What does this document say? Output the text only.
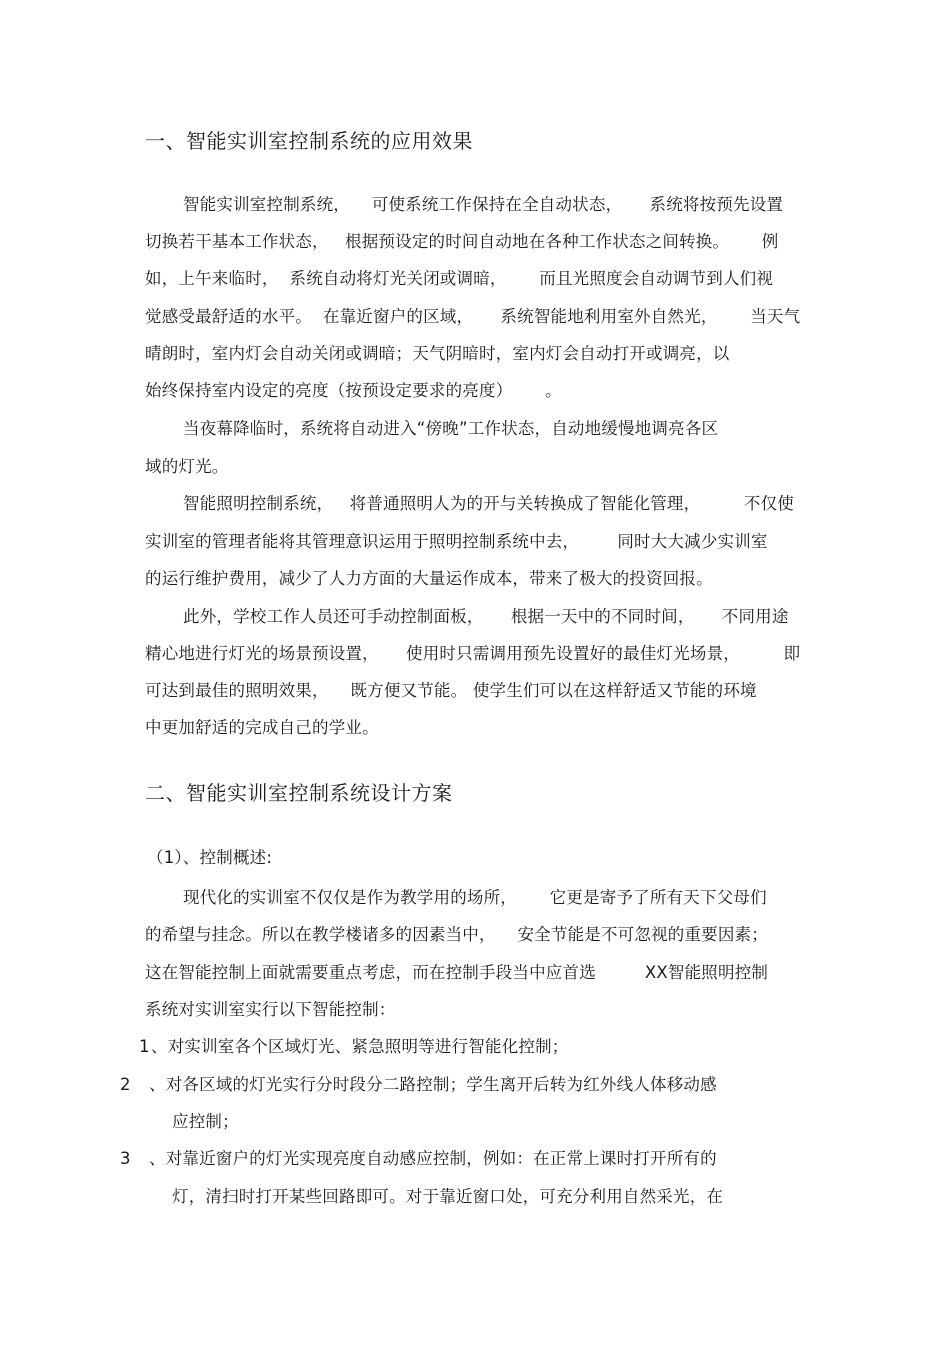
一、智能实训室控制系统的应用效果
智能实训室控制系统，    可使系统工作保持在全自动状态，     系统将按预先设置
切换若干基本工作状态，   根据预设定的时间自动地在各种工作状态之间转换。      例
如，上午来临时，  系统自动将灯光关闭或调暗，      而且光照度会自动调节到人们视
觉感受最舒适的水平。  在靠近窗户的区域，     系统智能地利用室外自然光，      当天气
晴朗时，室内灯会自动关闭或调暗；天气阴暗时，室内灯会自动打开或调亮，以
始终保持室内设定的亮度（按预设定要求的亮度）      。
当夜幕降临时，系统将自动进入“傍晚”工作状态，自动地缓慢地调亮各区
域的灯光。
智能照明控制系统，   将普通照明人为的开与关转换成了智能化管理，        不仅使
实训室的管理者能将其管理意识运用于照明控制系统中去，       同时大大减少实训室
的运行维护费用，减少了人力方面的大量运作成本，带来了极大的投资回报。
此外，学校工作人员还可手动控制面板，     根据一天中的不同时间，     不同用途
精心地进行灯光的场景预设置，     使用时只需调用预先设置好的最佳灯光场景，        即
可达到最佳的照明效果，    既方便又节能。 使学生们可以在这样舒适又节能的环境
中更加舒适的完成自己的学业。
二、智能实训室控制系统设计方案
（1）、控制概述:
现代化的实训室不仅仅是作为教学用的场所，      它更是寄予了所有天下父母们
的希望与挂念。所以在教学楼诸多的因素当中，    安全节能是不可忽视的重要因素；
这在智能控制上面就需要重点考虑，而在控制手段当中应首选         XX智能照明控制
系统对实训室实行以下智能控制：
1 、对实训室各个区域灯光、紧急照明等进行智能化控制；
2 、对各区域的灯光实行分时段分二路控制；学生离开后转为红外线人体移动感
应控制；
3 、对靠近窗户的灯光实现亮度自动感应控制，例如：在正常上课时打开所有的
灯，清扫时打开某些回路即可。对于靠近窗口处，可充分利用自然采光，在
